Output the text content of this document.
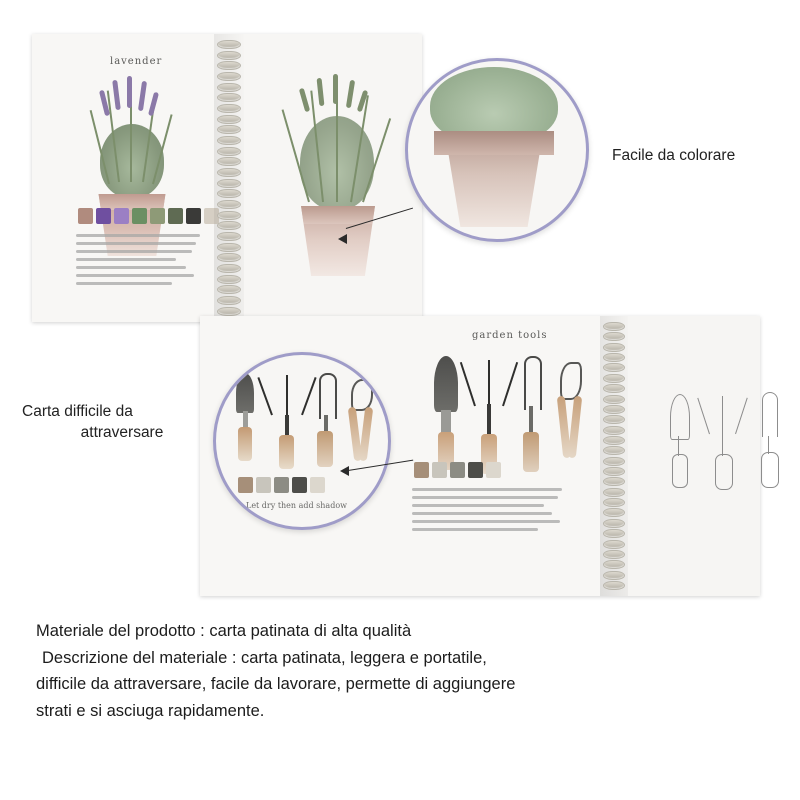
lavender
Facile da colorare
garden tools
Let dry then add shadow
Carta difficile da
attraversare

Materiale del prodotto : carta patinata di alta qualità

Descrizione del materiale : carta patinata, leggera e portatile,

difficile da attraversare, facile da lavorare, permette di aggiungere

strati e si asciuga rapidamente.
